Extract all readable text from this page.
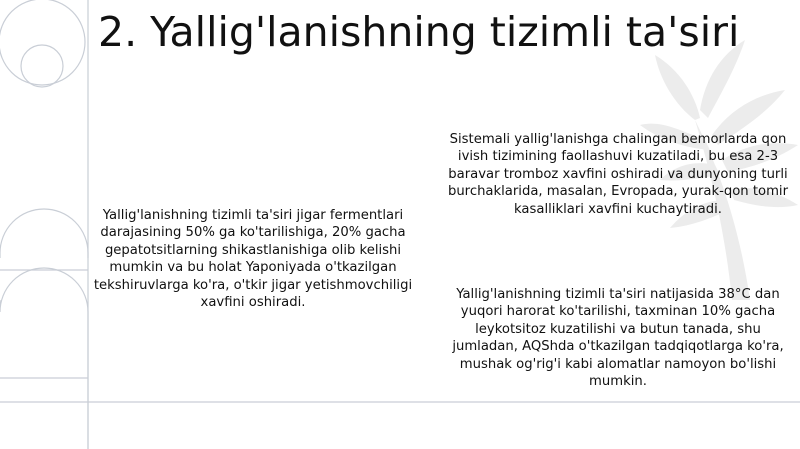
2. Yallig'lanishning tizimli ta'siri

Yallig'lanishning tizimli ta'siri jigar fermentlari darajasining 50% ga ko'tarilishiga, 20% gacha gepatotsitlarning shikastlanishiga olib kelishi mumkin va bu holat Yaponiyada o'tkazilgan tekshiruvlarga ko'ra, o'tkir jigar yetishmovchiligi xavfini oshiradi.

Sistemali yallig'lanishga chalingan bemorlarda qon ivish tizimining faollashuvi kuzatiladi, bu esa 2-3 baravar tromboz xavfini oshiradi va dunyoning turli burchaklarida, masalan, Evropada, yurak-qon tomir kasalliklari xavfini kuchaytiradi.

Yallig'lanishning tizimli ta'siri natijasida 38°C dan yuqori harorat ko'tarilishi, taxminan 10% gacha leykotsitoz kuzatilishi va butun tanada, shu jumladan, AQShda o'tkazilgan tadqiqotlarga ko'ra, mushak og'rig'i kabi alomatlar namoyon bo'lishi mumkin.
